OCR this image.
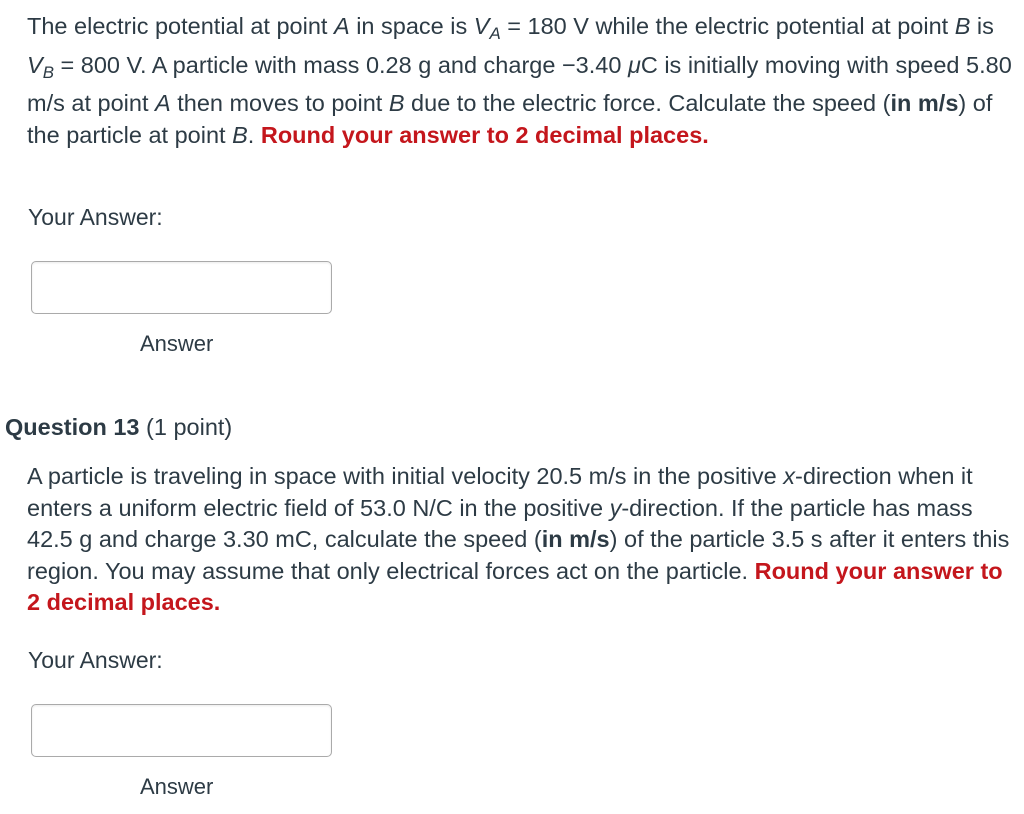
The electric potential at point A in space is $V_A = 180$ V while the electric potential at point B is $V_B = 800$ V. A particle with mass 0.28 g and charge −3.40 μC is initially moving with speed 5.80 m/s at point A then moves to point B due to the electric force. Calculate the speed (in m/s) of the particle at point B. Round your answer to 2 decimal places.

Your Answer:
Answer
Question 13 (1 point)

A particle is traveling in space with initial velocity 20.5 m/s in the positive x-direction when it enters a uniform electric field of 53.0 N/C in the positive y-direction. If the particle has mass 42.5 g and charge 3.30 mC, calculate the speed (in m/s) of the particle 3.5 s after it enters this region. You may assume that only electrical forces act on the particle. Round your answer to 2 decimal places.

Your Answer:
Answer
